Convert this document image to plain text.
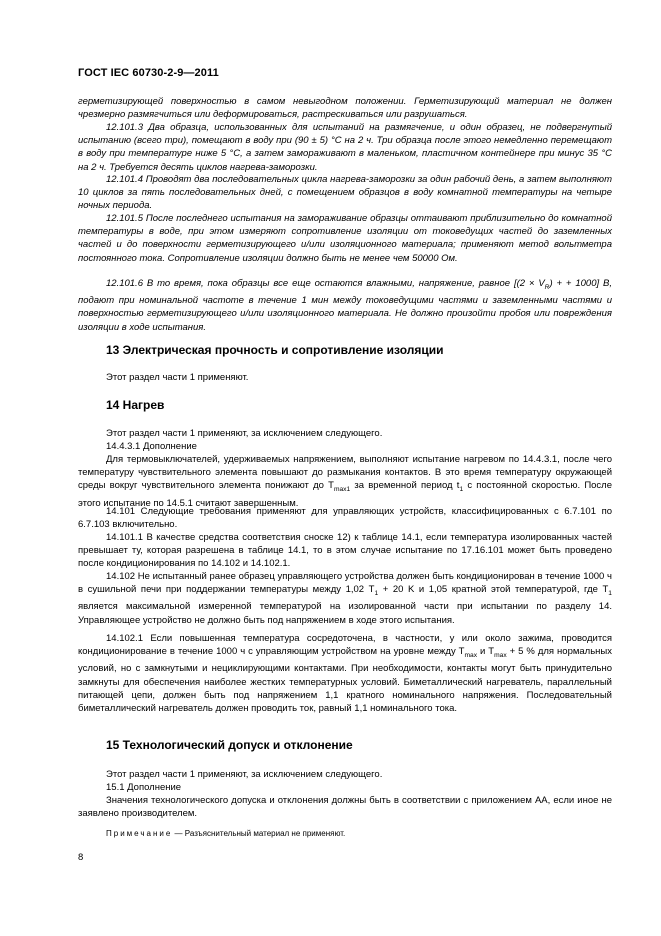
ГОСТ IEC 60730-2-9—2011

герметизирующей поверхностью в самом невыгодном положении. Герметизирующий материал не должен чрезмерно размягчиться или деформироваться, растрескиваться или разрушаться.

12.101.3 Два образца, использованных для испытаний на размягчение, и один образец, не подвергнутый испытанию (всего три), помещают в воду при (90 ± 5) °С на 2 ч. Три образца после этого немедленно перемещают в воду при температуре ниже 5 °С, а затем замораживают в маленьком, пластичном контейнере при минус 35 °С на 2 ч. Требуется десять циклов нагрева-заморозки.

12.101.4 Проводят два последовательных цикла нагрева-заморозки за один рабочий день, а затем выполняют 10 циклов за пять последовательных дней, с помещением образцов в воду комнатной температуры на четыре ночных периода.

12.101.5 После последнего испытания на замораживание образцы оттаивают приблизительно до комнатной температуры в воде, при этом измеряют сопротивление изоляции от токоведущих частей до заземленных частей и до поверхности герметизирующего и/или изоляционного материала; применяют метод вольтметра постоянного тока. Сопротивление изоляции должно быть не менее чем 50000 Ом.

12.101.6 В то время, пока образцы все еще остаются влажными, напряжение, равное [$(2 \times V_R)$ + + 1000] В, подают при номинальной частоте в течение 1 мин между токоведущими частями и заземленными частями и поверхностью герметизирующего и/или изоляционного материала. Не должно произойти пробоя или повреждения изоляции в ходе испытания.

13 Электрическая прочность и сопротивление изоляции

Этот раздел части 1 применяют.

14 Нагрев

Этот раздел части 1 применяют, за исключением следующего.

14.4.3.1 Дополнение

Для термовыключателей, удерживаемых напряжением, выполняют испытание нагревом по 14.4.3.1, после чего температуру чувствительного элемента повышают до размыкания контактов. В это время температуру окружающей среды вокруг чувствительного элемента понижают до $T_{max1}$ за временной период $t_1$ с постоянной скоростью. После этого испытание по 14.5.1 считают завершенным.

14.101 Следующие требования применяют для управляющих устройств, классифицированных с 6.7.101 по 6.7.103 включительно.

14.101.1 В качестве средства соответствия сноске 12) к таблице 14.1, если температура изолированных частей превышает ту, которая разрешена в таблице 14.1, то в этом случае испытание по 17.16.101 может быть проведено после кондиционирования по 14.102 и 14.102.1.

14.102 Не испытанный ранее образец управляющего устройства должен быть кондиционирован в течение 1000 ч в сушильной печи при поддержании температуры между 1,02 $T_1 + 20$ K и 1,05 кратной этой температурой, где $T_1$ является максимальной измеренной температурой на изолированной части при испытании по разделу 14. Управляющее устройство не должно быть под напряжением в ходе этого испытания.

14.102.1 Если повышенная температура сосредоточена, в частности, у или около зажима, проводится кондиционирование в течение 1000 ч с управляющим устройством на уровне между $T_{max}$ и $T_{max} + 5$ % для нормальных условий, но с замкнутыми и нециклирующими контактами. При необходимости, контакты могут быть принудительно замкнуты для обеспечения наиболее жестких температурных условий. Биметаллический нагреватель, параллельный питающей цепи, должен быть под напряжением 1,1 кратного номинального напряжения. Последовательный биметаллический нагреватель должен проводить ток, равный 1,1 номинального тока.

15 Технологический допуск и отклонение

Этот раздел части 1 применяют, за исключением следующего.

15.1 Дополнение

Значения технологического допуска и отклонения должны быть в соответствии с приложением АА, если иное не заявлено производителем.

Примечание — Разъяснительный материал не применяют.
8
